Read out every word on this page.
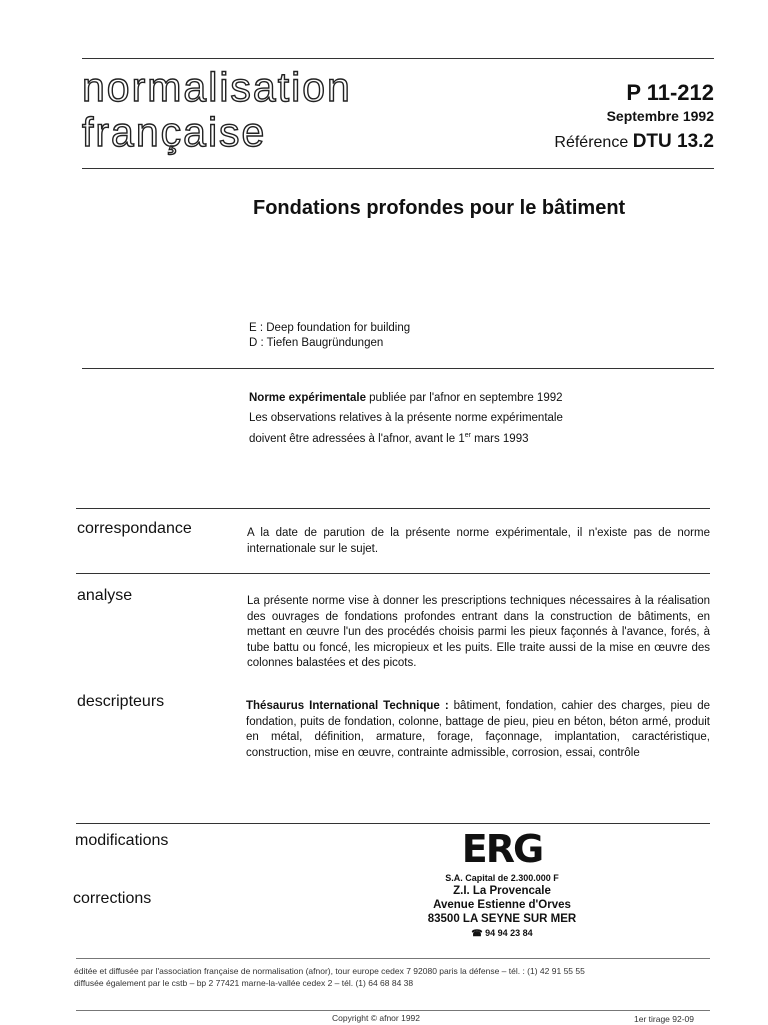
normalisation
française
P 11-212
Septembre 1992
Référence DTU 13.2
Fondations profondes pour le bâtiment
E : Deep foundation for building
D : Tiefen Baugründungen
Norme expérimentale publiée par l'afnor en septembre 1992
Les observations relatives à la présente norme expérimentale
doivent être adressées à l'afnor, avant le 1er mars 1993
correspondance	A la date de parution de la présente norme expérimentale, il n'existe pas de norme internationale sur le sujet.
analyse	La présente norme vise à donner les prescriptions techniques nécessaires à la réalisation des ouvrages de fondations profondes entrant dans la construction de bâtiments, en mettant en œuvre l'un des procédés choisis parmi les pieux façonnés à l'avance, forés, à tube battu ou foncé, les micropieux et les puits. Elle traite aussi de la mise en œuvre des colonnes balastées et des picots.
descripteurs	Thésaurus International Technique : bâtiment, fondation, cahier des charges, pieu de fondation, puits de fondation, colonne, battage de pieu, pieu en béton, béton armé, produit en métal, définition, armature, forage, façonnage, implantation, caractéristique, construction, mise en œuvre, contrainte admissible, corrosion, essai, contrôle
modifications
corrections
ERG
S.A. Capital de 2.300.000 F
Z.I. La Provencale
Avenue Estienne d'Orves
83500 LA SEYNE SUR MER
☎ 94 94 23 84
éditée et diffusée par l'association française de normalisation (afnor), tour europe cedex 7 92080 paris la défense – tél. : (1) 42 91 55 55
diffusée également par le cstb – bp 2 77421 marne-la-vallée cedex 2 – tél. (1) 64 68 84 38
Copyright © afnor 1992	1er tirage 92-09
